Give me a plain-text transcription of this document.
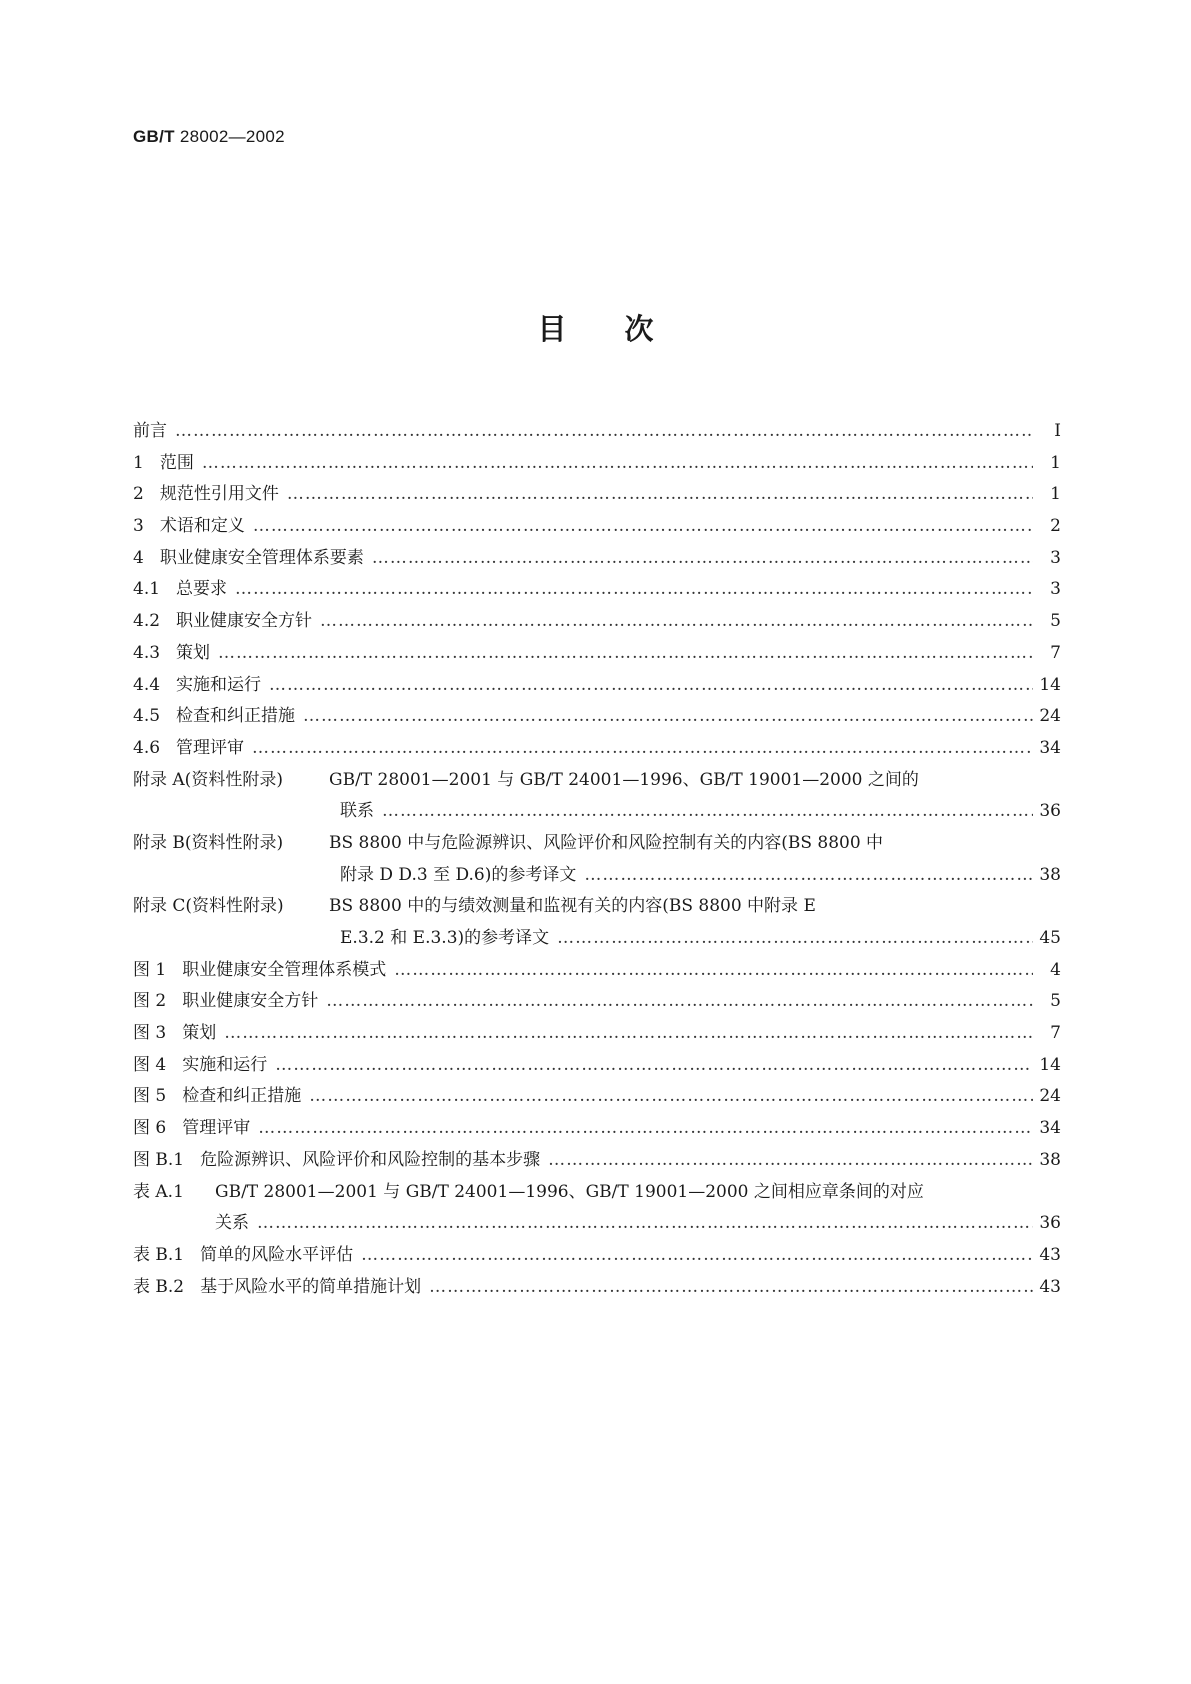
GB/T 28002—2002
目次
前言 …………………………………………………………………………………………………………………………………………………………………………………………………………………………	I
1 范围 …………………………………………………………………………………………………………………………………………………………………………………………………………………………	1
2 规范性引用文件 …………………………………………………………………………………………………………………………………………………………………………………………………………………………	1
3 术语和定义 …………………………………………………………………………………………………………………………………………………………………………………………………………………………	2
4 职业健康安全管理体系要素 …………………………………………………………………………………………………………………………………………………………………………………………………………………………	3
4.1 总要求 …………………………………………………………………………………………………………………………………………………………………………………………………………………………	3
4.2 职业健康安全方针 …………………………………………………………………………………………………………………………………………………………………………………………………………………………	5
4.3 策划 …………………………………………………………………………………………………………………………………………………………………………………………………………………………	7
4.4 实施和运行 …………………………………………………………………………………………………………………………………………………………………………………………………………………………	14
4.5 检查和纠正措施 …………………………………………………………………………………………………………………………………………………………………………………………………………………………	24
4.6 管理评审 …………………………………………………………………………………………………………………………………………………………………………………………………………………………	34
附录 A(资料性附录)	GB/T 28001—2001 与 GB/T 24001—1996、GB/T 19001—2000 之间的
联系 …………………………………………………………………………………………………………………………………………………………………………………………………………………………	36
附录 B(资料性附录)	BS 8800 中与危险源辨识、风险评价和风险控制有关的内容(BS 8800 中
附录 D D.3 至 D.6)的参考译文 …………………………………………………………………………………………………………………………………………………………………………………………………………………………	38
附录 C(资料性附录)	BS 8800 中的与绩效测量和监视有关的内容(BS 8800 中附录 E
E.3.2 和 E.3.3)的参考译文 …………………………………………………………………………………………………………………………………………………………………………………………………………………………	45
图 1 职业健康安全管理体系模式 …………………………………………………………………………………………………………………………………………………………………………………………………………………………	4
图 2 职业健康安全方针 …………………………………………………………………………………………………………………………………………………………………………………………………………………………	5
图 3 策划 …………………………………………………………………………………………………………………………………………………………………………………………………………………………	7
图 4 实施和运行 …………………………………………………………………………………………………………………………………………………………………………………………………………………………	14
图 5 检查和纠正措施 …………………………………………………………………………………………………………………………………………………………………………………………………………………………	24
图 6 管理评审 …………………………………………………………………………………………………………………………………………………………………………………………………………………………	34
图 B.1 危险源辨识、风险评价和风险控制的基本步骤 …………………………………………………………………………………………………………………………………………………………………………………………………………………………	38
表 A.1 GB/T 28001—2001 与 GB/T 24001—1996、GB/T 19001—2000 之间相应章条间的对应
关系 …………………………………………………………………………………………………………………………………………………………………………………………………………………………	36
表 B.1 简单的风险水平评估 …………………………………………………………………………………………………………………………………………………………………………………………………………………………	43
表 B.2 基于风险水平的简单措施计划 …………………………………………………………………………………………………………………………………………………………………………………………………………………………	43
